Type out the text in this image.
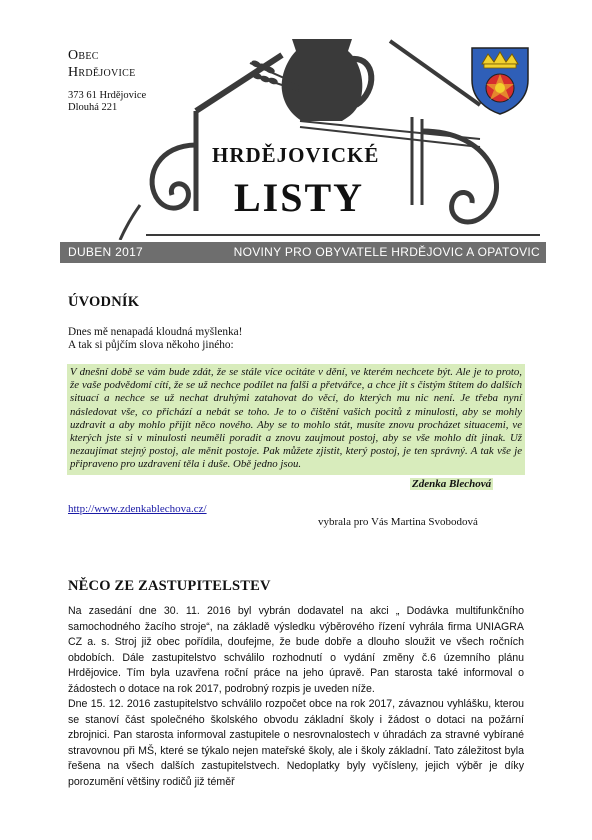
Obec
Hrdějovice
373 61 Hrdějovice
Dlouhá 221
HRDĚJOVICKÉ
LISTY
DUBEN 2017	NOVINY PRO OBYVATELE HRDĚJOVIC A OPATOVIC
ÚVODNÍK
Dnes mě nenapadá kloudná myšlenka!
A tak si půjčím slova někoho jiného:

V dnešní době se vám bude zdát, že se stále více ocitáte v dění, ve kterém nechcete být. Ale je to proto, že vaše podvědomí cítí, že se už nechce podílet na falši a přetvářce, a chce jít s čistým štítem do dalších situací a nechce se už nechat druhými zatahovat do věcí, do kterých mu nic není. Je třeba nyní následovat vše, co přichází a nebát se toho. Je to o čištění vašich pocitů z minulosti, aby se mohly uzdravit a aby mohlo přijít něco nového. Aby se to mohlo stát, musíte znovu procházet situacemi, ve kterých jste si v minulosti neuměli poradit a znovu zaujmout postoj, aby se vše mohlo dít jinak. Už nezaujímat stejný postoj, ale měnit postoje. Pak můžete zjistit, který postoj, je ten správný. A tak vše je připraveno pro uzdravení těla i duše. Obě jedno jsou.

Zdenka Blechová
http://www.zdenkablechova.cz/
vybrala pro Vás Martina Svobodová
NĚCO ZE ZASTUPITELSTEV

Na zasedání dne 30. 11. 2016 byl vybrán dodavatel na akci „ Dodávka multifunkčního samochodného žacího stroje“, na základě výsledku výběrového řízení vyhrála firma UNIAGRA CZ a. s. Stroj již obec pořídila, doufejme, že bude dobře a dlouho sloužit ve všech ročních obdobích. Dále zastupitelstvo schválilo rozhodnutí o vydání změny č.6 územního plánu Hrdějovice. Tím byla uzavřena roční práce na jeho úpravě. Pan starosta také informoval o žádostech o dotace na rok 2017, podrobný rozpis je uveden níže.

Dne 15. 12. 2016 zastupitelstvo schválilo rozpočet obce na rok 2017, závaznou vyhlášku, kterou se stanoví část společného školského obvodu základní školy i žádost o dotaci na požární zbrojnici. Pan starosta informoval zastupitele o nesrovnalostech v úhradách za stravné vybírané stravovnou při MŠ, které se týkalo nejen mateřské školy, ale i školy základní. Tato záležitost byla řešena na všech dalších zastupitelstvech. Nedoplatky byly vyčísleny, jejich výběr je díky porozumění většiny rodičů již téměř
